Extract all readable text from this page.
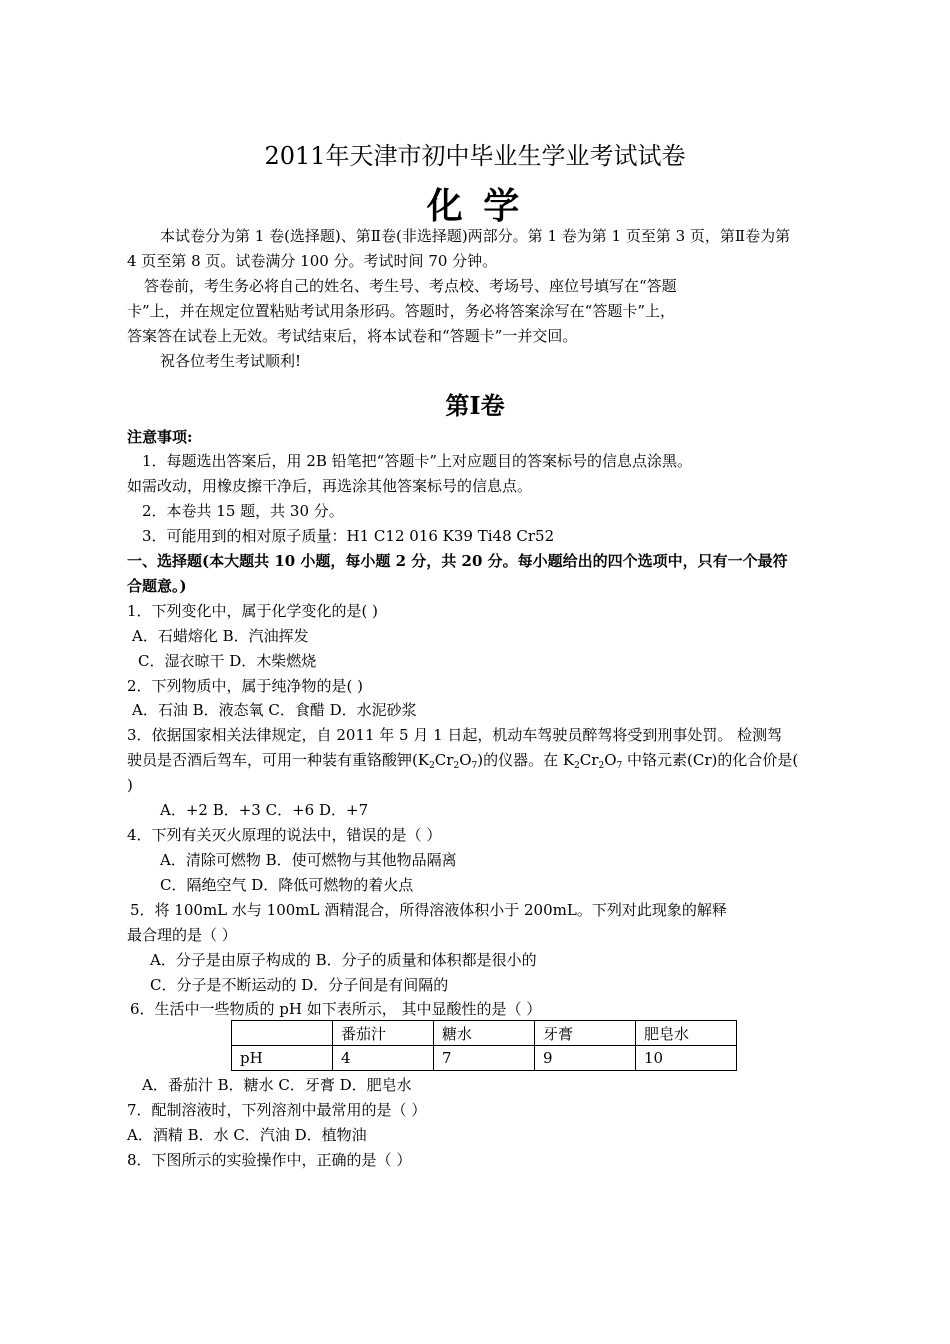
2011年天津市初中毕业生学业考试试卷
化 学
本试卷分为第 1 卷(选择题)、第Ⅱ卷(非选择题)两部分。第 1 卷为第 1 页至第 3 页，第Ⅱ卷为第
4 页至第 8 页。试卷满分 100 分。考试时间 70 分钟。
答卷前，考生务必将自己的姓名、考生号、考点校、考场号、座位号填写在“答题
卡”上，并在规定位置粘贴考试用条形码。答题时，务必将答案涂写在“答题卡”上，
答案答在试卷上无效。考试结束后，将本试卷和“答题卡”一并交回。
祝各位考生考试顺利!
第Ⅰ卷
注意事项:
1．每题选出答案后，用 2B 铅笔把“答题卡”上对应题目的答案标号的信息点涂黑。
如需改动，用橡皮擦干净后，再选涂其他答案标号的信息点。
2．本卷共 15 题，共 30 分。
3．可能用到的相对原子质量：H1 C12 016 K39 Ti48 Cr52
一、选择题(本大题共 10 小题，每小题 2 分，共 20 分。每小题给出的四个选项中，只有一个最符
合题意。)
1．下列变化中，属于化学变化的是( )
A．石蜡熔化 B．汽油挥发
C．湿衣晾干 D．木柴燃烧
2．下列物质中，属于纯净物的是( )
A．石油 B．液态氧 C．食醋 D．水泥砂浆
3．依据国家相关法律规定，自 2011 年 5 月 1 日起，机动车驾驶员醉驾将受到刑事处罚。 检测驾
驶员是否酒后驾车，可用一种装有重铬酸钾$(K_2Cr_2O_7)$的仪器。在 $K_2Cr_2O_7$ 中铬元素(Cr)的化合价是(
)
A．+2 B．+3 C．+6 D．+7
4．下列有关灭火原理的说法中，错误的是（ ）
A．清除可燃物 B．使可燃物与其他物品隔离
C．隔绝空气 D．降低可燃物的着火点
5．将 100mL 水与 100mL 酒精混合，所得溶液体积小于 200mL。下列对此现象的解释
最合理的是（ ）
A．分子是由原子构成的 B．分子的质量和体积都是很小的
C．分子是不断运动的 D．分子间是有间隔的
6．生活中一些物质的 pH 如下表所示， 其中显酸性的是（ ）
	番茄汁	糖水	牙膏	肥皂水
pH	4	7	9	10
A．番茄汁 B．糖水 C．牙膏 D．肥皂水
7．配制溶液时，下列溶剂中最常用的是（ ）
A．酒精 B．水 C．汽油 D．植物油
8．下图所示的实验操作中，正确的是（ ）
